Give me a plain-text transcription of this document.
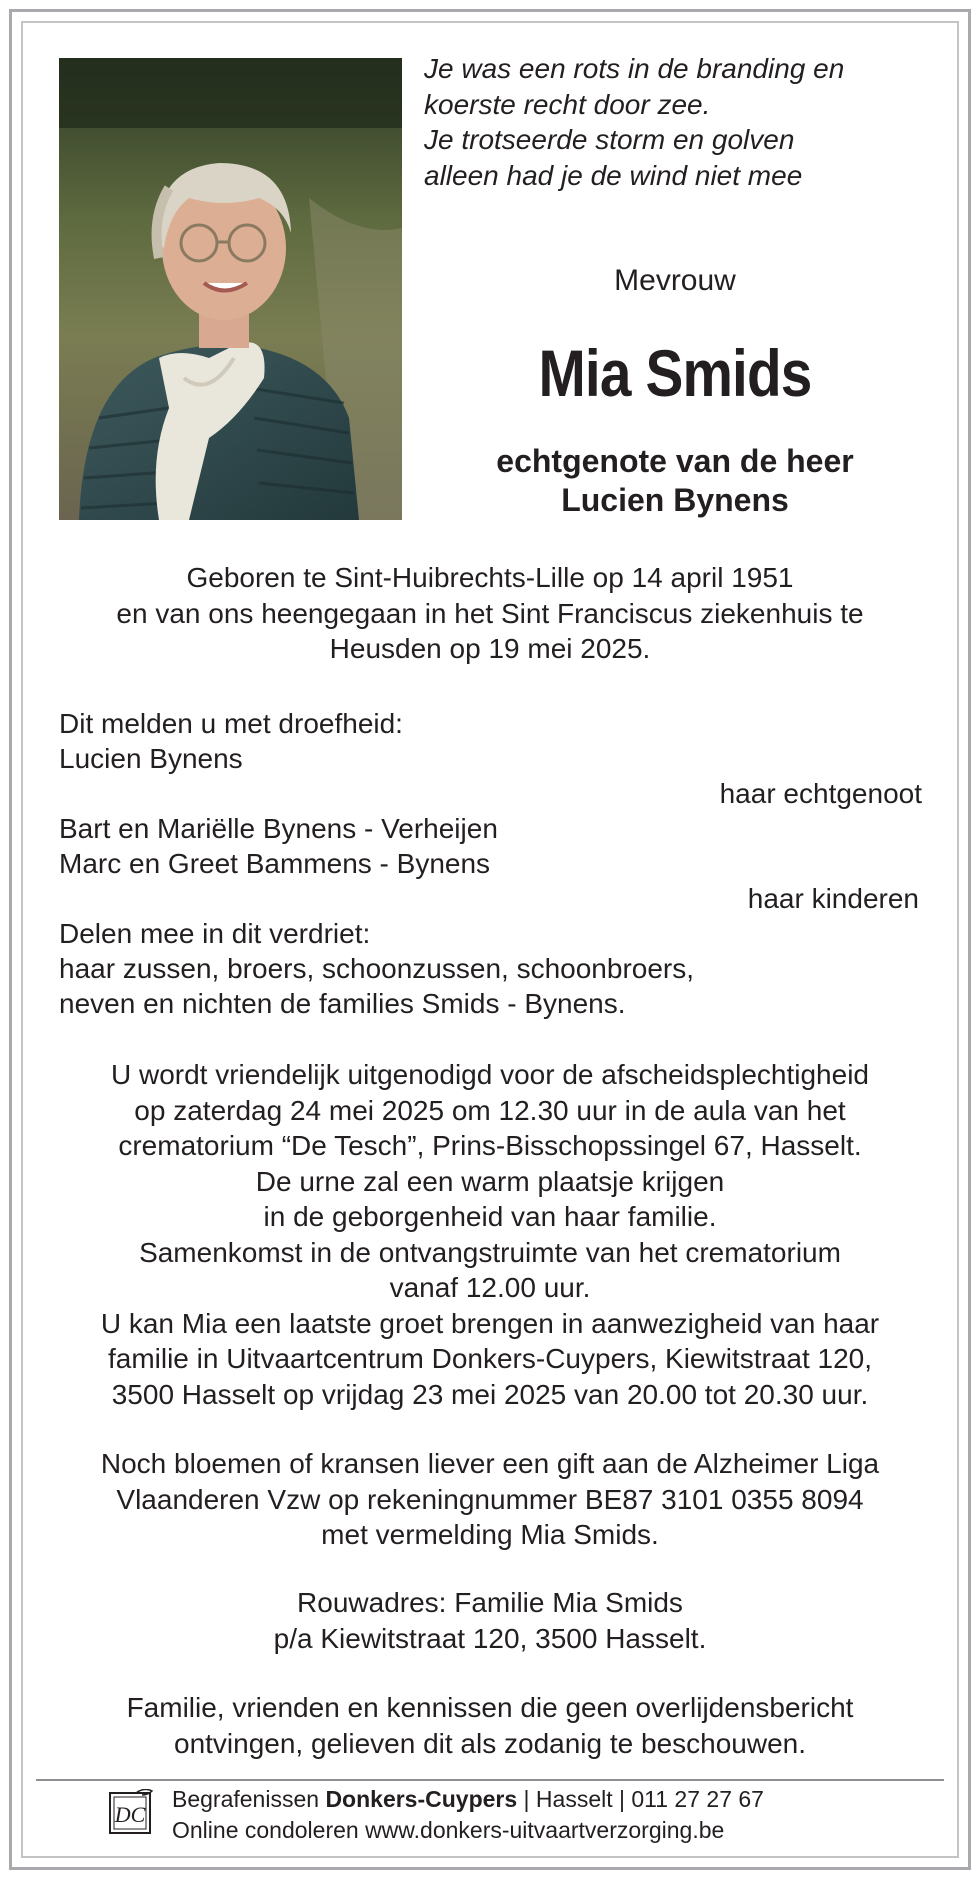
Je was een rots in de branding en
koerste recht door zee.
Je trotseerde storm en golven
alleen had je de wind niet mee
Mevrouw
Mia Smids
echtgenote van de heer
Lucien Bynens
Geboren te Sint-Huibrechts-Lille op 14 april 1951
en van ons heengegaan in het Sint Franciscus ziekenhuis te
Heusden op 19 mei 2025.
Dit melden u met droefheid:
Lucien Bynens
haar echtgenoot
Bart en Mariëlle Bynens - Verheijen
Marc en Greet Bammens - Bynens
haar kinderen
Delen mee in dit verdriet:
haar zussen, broers, schoonzussen, schoonbroers,
neven en nichten de families Smids - Bynens.
U wordt vriendelijk uitgenodigd voor de afscheidsplechtigheid
op zaterdag 24 mei 2025 om 12.30 uur in de aula van het
crematorium “De Tesch”, Prins-Bisschopssingel 67, Hasselt.
De urne zal een warm plaatsje krijgen
in de geborgenheid van haar familie.
Samenkomst in de ontvangstruimte van het crematorium
vanaf 12.00 uur.
U kan Mia een laatste groet brengen in aanwezigheid van haar
familie in Uitvaartcentrum Donkers-Cuypers, Kiewitstraat 120,
3500 Hasselt op vrijdag 23 mei 2025 van 20.00 tot 20.30 uur.
Noch bloemen of kransen liever een gift aan de Alzheimer Liga
Vlaanderen Vzw op rekeningnummer BE87 3101 0355 8094
met vermelding Mia Smids.
Rouwadres: Familie Mia Smids
p/a Kiewitstraat 120, 3500 Hasselt.
Familie, vrienden en kennissen die geen overlijdensbericht
ontvingen, gelieven dit als zodanig te beschouwen.
DC
Begrafenissen Donkers-Cuypers | Hasselt | 011 27 27 67
Online condoleren www.donkers-uitvaartverzorging.be
